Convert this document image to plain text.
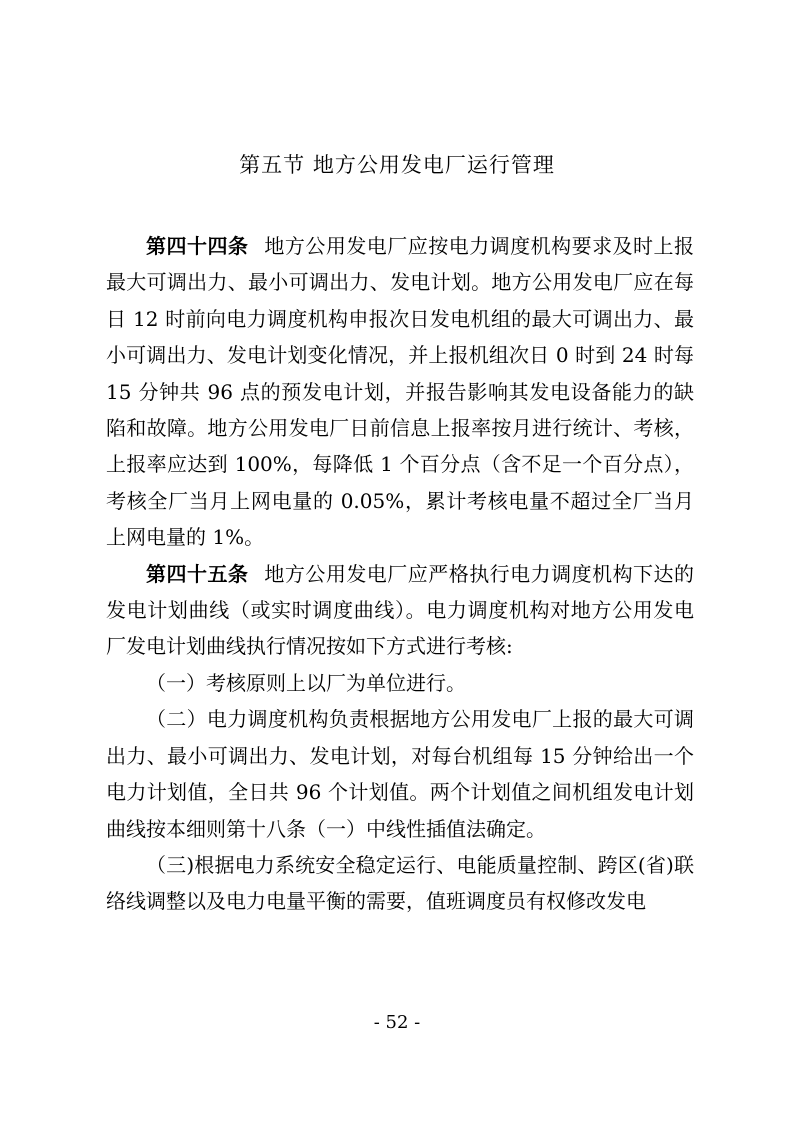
第五节 地方公用发电厂运行管理

第四十四条 地方公用发电厂应按电力调度机构要求及时上报最大可调出力、最小可调出力、发电计划。地方公用发电厂应在每日 12 时前向电力调度机构申报次日发电机组的最大可调出力、最小可调出力、发电计划变化情况，并上报机组次日 0 时到 24 时每 15 分钟共 96 点的预发电计划，并报告影响其发电设备能力的缺陷和故障。地方公用发电厂日前信息上报率按月进行统计、考核，上报率应达到 100%，每降低 1 个百分点（含不足一个百分点），考核全厂当月上网电量的 0.05%，累计考核电量不超过全厂当月上网电量的 1%。

第四十五条 地方公用发电厂应严格执行电力调度机构下达的发电计划曲线（或实时调度曲线）。电力调度机构对地方公用发电厂发电计划曲线执行情况按如下方式进行考核:

（一）考核原则上以厂为单位进行。

（二）电力调度机构负责根据地方公用发电厂上报的最大可调出力、最小可调出力、发电计划，对每台机组每 15 分钟给出一个电力计划值，全日共 96 个计划值。两个计划值之间机组发电计划曲线按本细则第十八条（一）中线性插值法确定。

（三)根据电力系统安全稳定运行、电能质量控制、跨区(省)联络线调整以及电力电量平衡的需要，值班调度员有权修改发电

- 52 -
